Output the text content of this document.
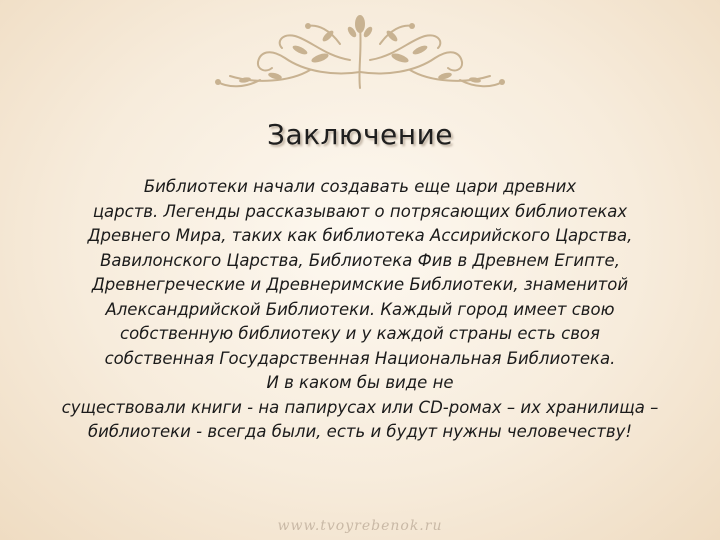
Заключение
Библиотеки начали создавать еще цари древних
царств. Легенды рассказывают о потрясающих библиотеках
Древнего Мира, таких как библиотека Ассирийского Царства,
Вавилонского Царства, Библиотека Фив в Древнем Египте,
Древнегреческие и Древнеримские Библиотеки, знаменитой
Александрийской Библиотеки. Каждый город имеет свою
собственную библиотеку и у каждой страны есть своя
собственная Государственная Национальная Библиотека.
И в каком бы виде не
существовали книги - на папирусах или CD-ромах – их хранилища –
библиотеки - всегда были, есть и будут нужны человечеству!
www.tvoyrebenok.ru
